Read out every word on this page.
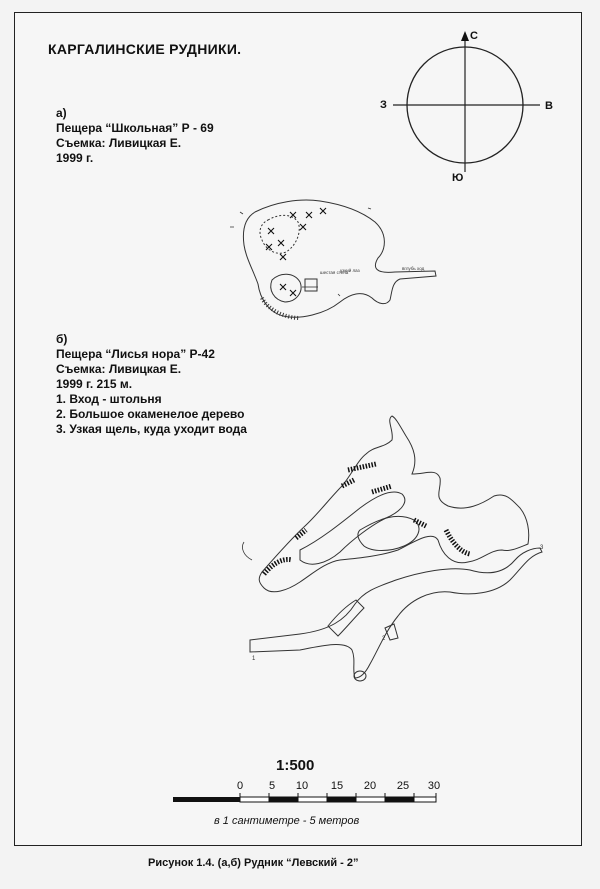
КАРГАЛИНСКИЕ РУДНИКИ.
а)
Пещера “Школьная” Р - 69
Съемка: Ливицкая Е.
1999 г.
б)
Пещера “Лисья нора” Р-42
Съемка: Ливицкая Е.
1999 г. 215 м.
1. Вход - штольня
2. Большое окаменелое дерево
3. Узкая щель, куда уходит вода
шестая стена
узкий лаз	вглубь ход
1
2
3
С
Ю
З	В
1:500
0 5 10 15 20 25 30
в 1 сантиметре - 5 метров
Рисунок 1.4. (а,б) Рудник “Левский - 2”
